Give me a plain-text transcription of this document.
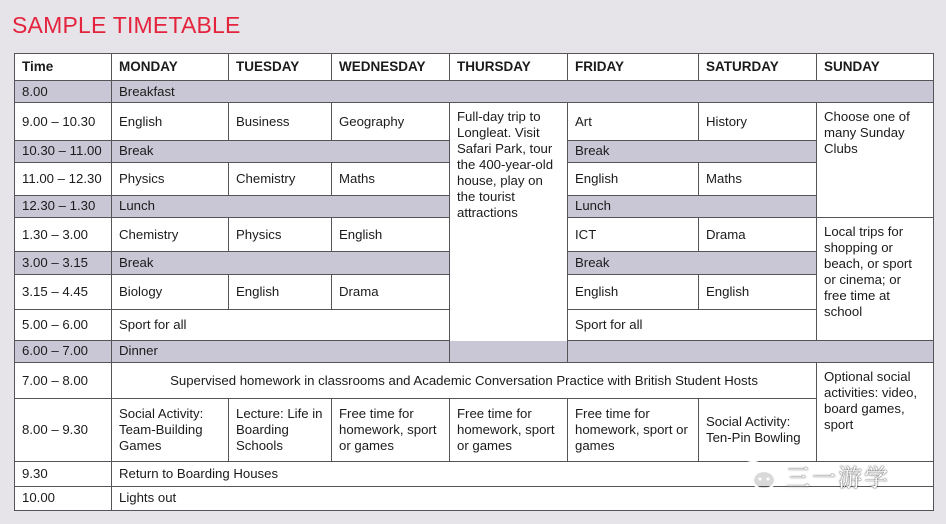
SAMPLE TIMETABLE
Time	MONDAY	TUESDAY	WEDNESDAY	THURSDAY	FRIDAY	SATURDAY	SUNDAY
8.00	Breakfast						
9.00 – 10.30	English	Business	Geography	Full-day trip to Longleat. Visit Safari Park, tour the 400-year-old house, play on the tourist attractions	Art	History	Choose one of many Sunday Clubs
10.30 – 11.00	Break				Break		
11.00 – 12.30	Physics	Chemistry	Maths		English	Maths	
12.30 – 1.30	Lunch				Lunch		
1.30 – 3.00	Chemistry	Physics	English		ICT	Drama	Local trips for shopping or beach, or sport or cinema; or free time at school
3.00 – 3.15	Break				Break		
3.15 – 4.45	Biology	English	Drama		English	English	
5.00 – 6.00	Sport for all				Sport for all		
6.00 – 7.00	Dinner						
7.00 – 8.00	Supervised homework in classrooms and Academic Conversation Practice with British Student Hosts						Optional social activities: video, board games, sport
8.00 – 9.30	Social Activity: Team-Building Games	Lecture: Life in Boarding Schools	Free time for homework, sport or games	Free time for homework, sport or games	Free time for homework, sport or games	Social Activity: Ten-Pin Bowling	
9.30	Return to Boarding Houses						
10.00	Lights out						
三一游学
